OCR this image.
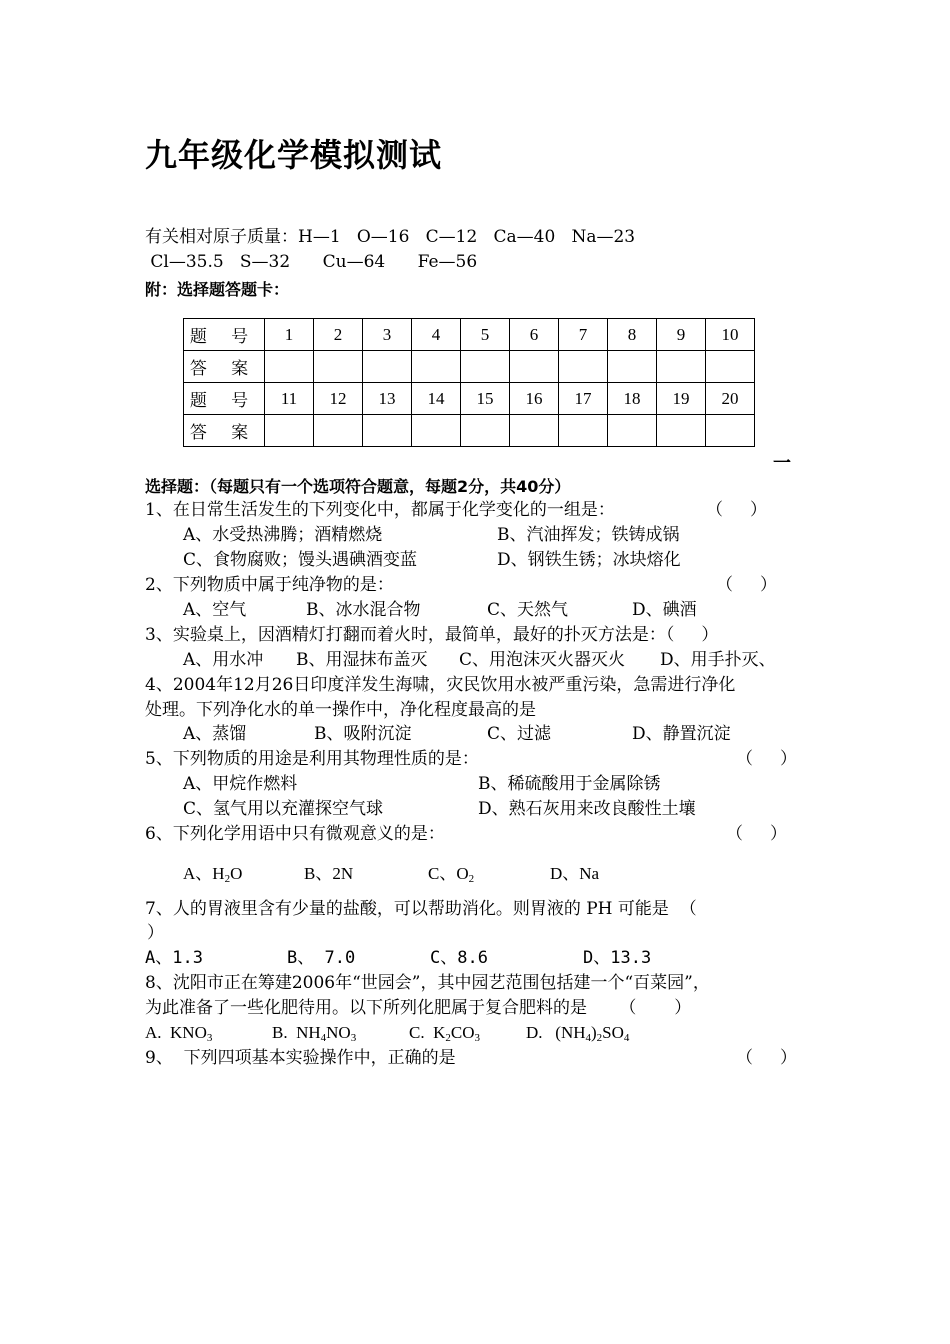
九年级化学模拟测试
有关相对原子质量：H—1   O—16   C—12   Ca—40   Na—23
Cl—35.5   S—32      Cu—64      Fe—56
附：选择题答题卡：
题 号	1	2	3	4	5	6	7	8	9	10
答 案										
题 号	11	12	13	14	15	16	17	18	19	20
答 案										
一
选择题：（每题只有一个选项符合题意，每题2分，共40分）
1、在日常生活发生的下列变化中，都属于化学变化的一组是：	（     ）
A、水受热沸腾；酒精燃烧	B、汽油挥发；铁铸成锅
C、食物腐败；馒头遇碘酒变蓝	D、钢铁生锈；冰块熔化
2、下列物质中属于纯净物的是：	（     ）
A、空气	B、冰水混合物	C、天然气	D、碘酒
3、实验桌上，因酒精灯打翻而着火时，最简单，最好的扑灭方法是：（     ）
A、用水冲 B、用湿抹布盖灭 C、用泡沫灭火器灭火 D、用手扑灭、
4、2004年12月26日印度洋发生海啸，灾民饮用水被严重污染，急需进行净化
处理。下列净化水的单一操作中，净化程度最高的是
A、蒸馏	B、吸附沉淀	C、过滤	D、静置沉淀
5、下列物质的用途是利用其物理性质的是：	（     ）
A、甲烷作燃料	B、稀硫酸用于金属除锈
C、氢气用以充灌探空气球	D、熟石灰用来改良酸性土壤
6、下列化学用语中只有微观意义的是：	（     ）
A、$H_2O$	B、2N	C、$O_2$	D、Na
7、人的胃液里含有少量的盐酸，可以帮助消化。则胃液的 PH 可能是  （
）
A、1.3	B、 7.0	C、8.6	D、13.3
8、沈阳市正在筹建2006年“世园会”，其中园艺范围包括建一个“百菜园”，
为此准备了一些化肥待用。以下所列化肥属于复合肥料的是      （       ）
A.  $KNO_3$	B.  $NH_4NO_3$	C.  $K_2CO_3$	D.   $(NH_4)_2SO_4$
9、  下列四项基本实验操作中，正确的是	（     ）
